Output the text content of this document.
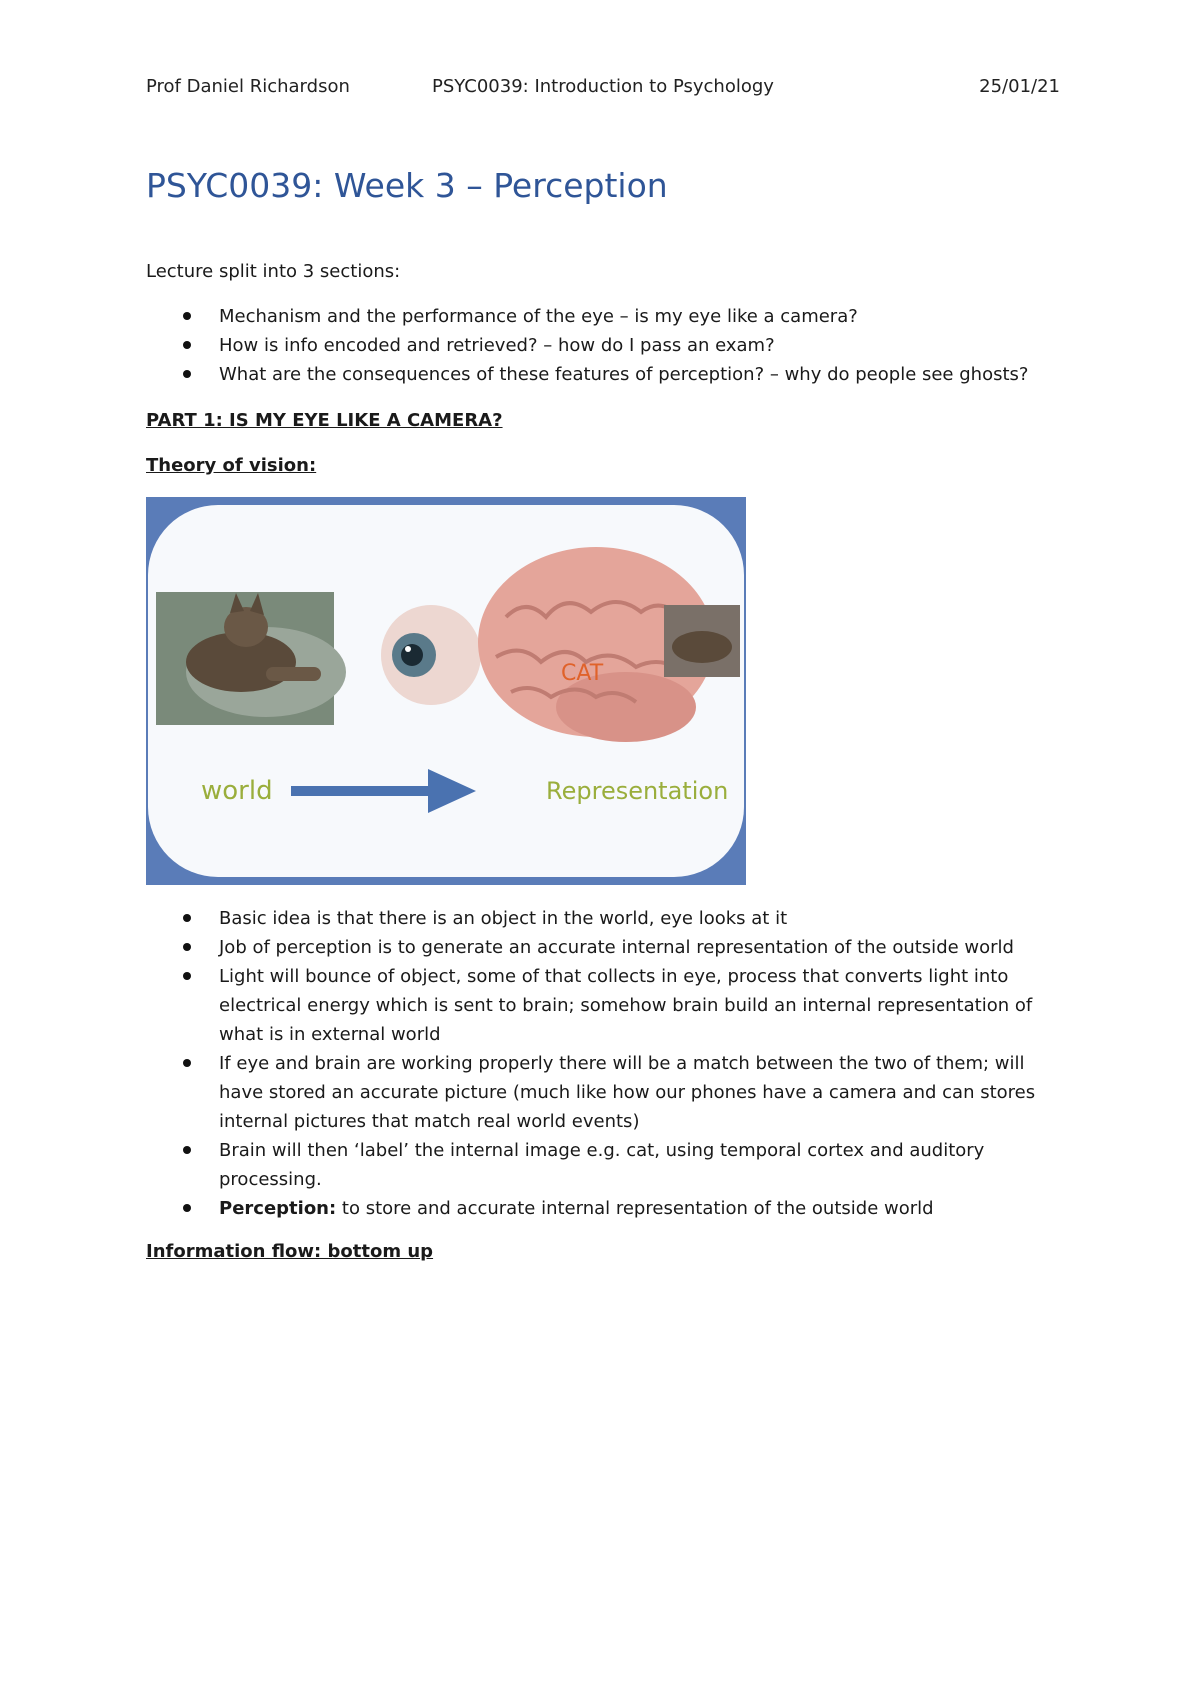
Prof Daniel Richardson	PSYC0039: Introduction to Psychology	25/01/21
PSYC0039: Week 3 – Perception
Lecture split into 3 sections:
Mechanism and the performance of the eye – is my eye like a camera?
How is info encoded and retrieved? – how do I pass an exam?
What are the consequences of these features of perception? – why do people see ghosts?
PART 1: IS MY EYE LIKE A CAMERA?
Theory of vision:
CAT
world	Representation
Basic idea is that there is an object in the world, eye looks at it
Job of perception is to generate an accurate internal representation of the outside world
Light will bounce of object, some of that collects in eye, process that converts light into electrical energy which is sent to brain; somehow brain build an internal representation of what is in external world
If eye and brain are working properly there will be a match between the two of them; will have stored an accurate picture (much like how our phones have a camera and can stores internal pictures that match real world events)
Brain will then ‘label’ the internal image e.g. cat, using temporal cortex and auditory processing.
Perception: to store and accurate internal representation of the outside world
Information flow: bottom up
